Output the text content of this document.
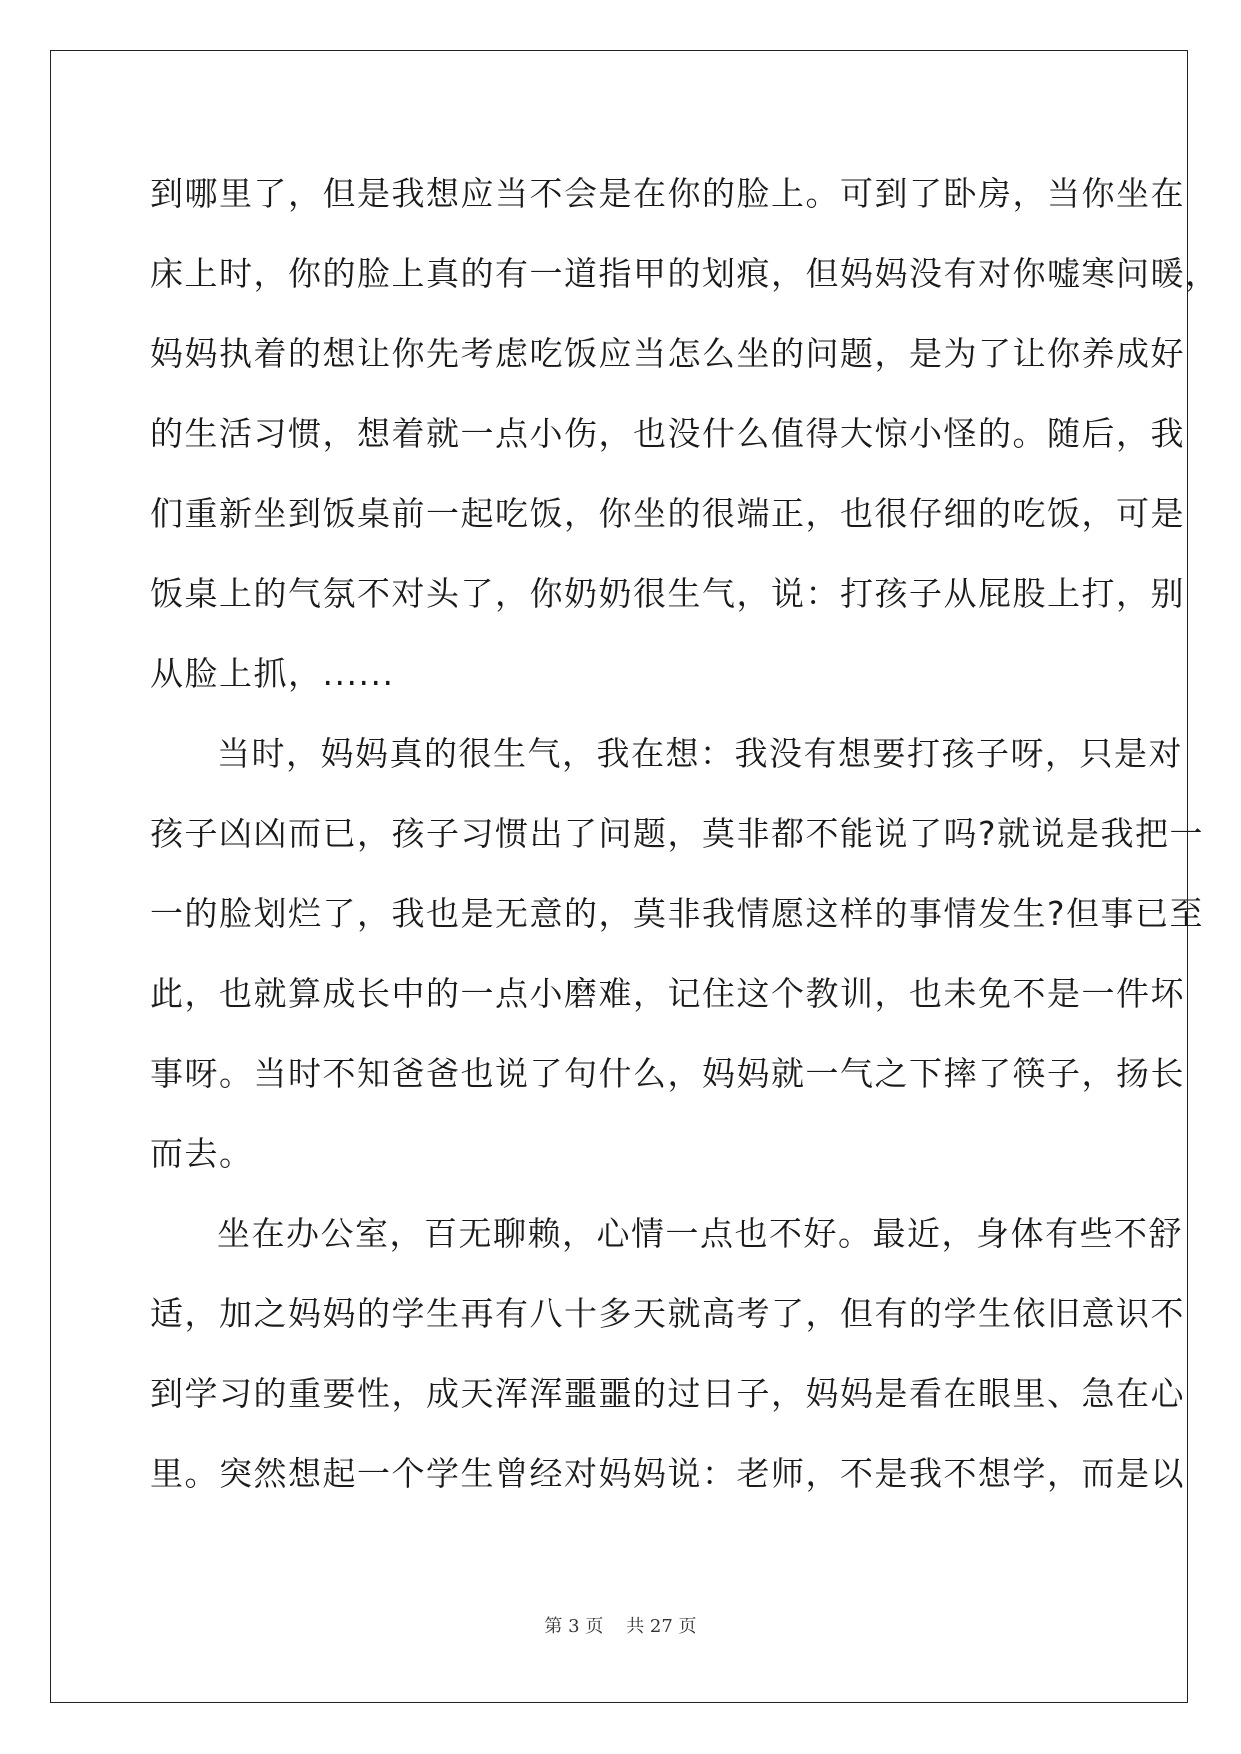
到哪里了，但是我想应当不会是在你的脸上。可到了卧房，当你坐在
床上时，你的脸上真的有一道指甲的划痕，但妈妈没有对你嘘寒问暖，
妈妈执着的想让你先考虑吃饭应当怎么坐的问题，是为了让你养成好
的生活习惯，想着就一点小伤，也没什么值得大惊小怪的。随后，我
们重新坐到饭桌前一起吃饭，你坐的很端正，也很仔细的吃饭，可是
饭桌上的气氛不对头了，你奶奶很生气，说：打孩子从屁股上打，别
从脸上抓，......
当时，妈妈真的很生气，我在想：我没有想要打孩子呀，只是对
孩子凶凶而已，孩子习惯出了问题，莫非都不能说了吗?就说是我把一
一的脸划烂了，我也是无意的，莫非我情愿这样的事情发生?但事已至
此，也就算成长中的一点小磨难，记住这个教训，也未免不是一件坏
事呀。当时不知爸爸也说了句什么，妈妈就一气之下摔了筷子，扬长
而去。
坐在办公室，百无聊赖，心情一点也不好。最近，身体有些不舒
适，加之妈妈的学生再有八十多天就高考了，但有的学生依旧意识不
到学习的重要性，成天浑浑噩噩的过日子，妈妈是看在眼里、急在心
里。突然想起一个学生曾经对妈妈说：老师，不是我不想学，而是以
第 3 页    共 27 页
